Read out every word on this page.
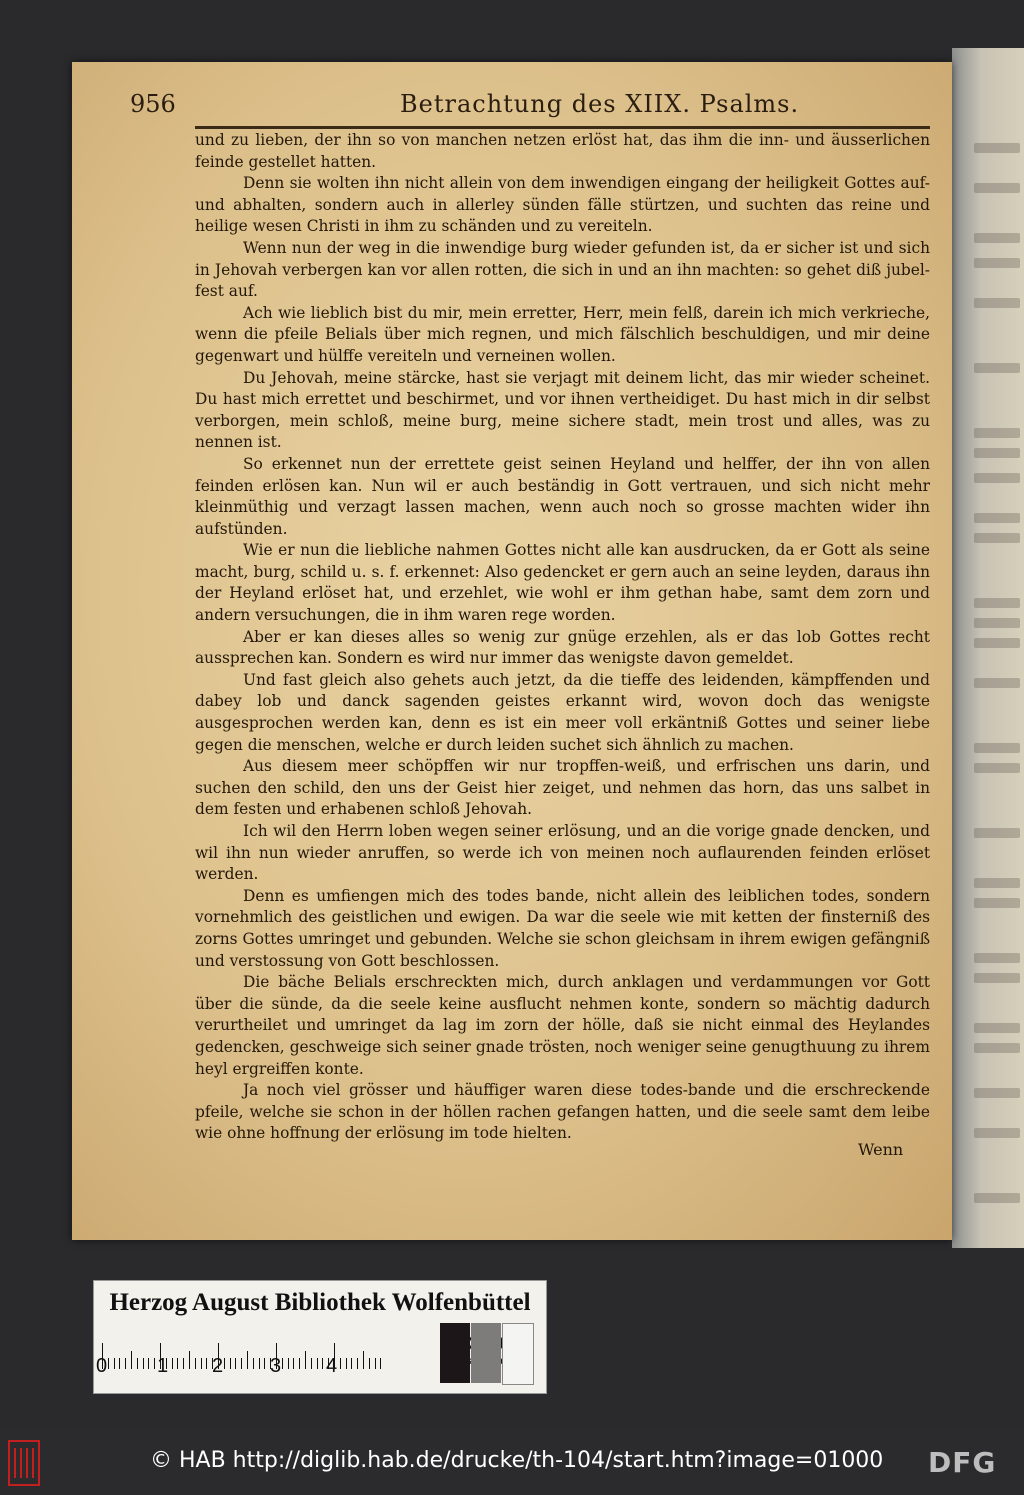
956	Betrachtung des XIIX. Psalms.

und zu lieben, der ihn so von manchen netzen erlöst hat, das ihm die inn- und äusserlichen feinde gestellet hatten.

Denn sie wolten ihn nicht allein von dem inwendigen eingang der heiligkeit Gottes auf- und abhalten, sondern auch in allerley sünden fälle stürtzen, und suchten das reine und heilige wesen Christi in ihm zu schänden und zu vereiteln.

Wenn nun der weg in die inwendige burg wieder gefunden ist, da er sicher ist und sich in Jehovah verbergen kan vor allen rotten, die sich in und an ihn machten: so gehet diß jubel-fest auf.

Ach wie lieblich bist du mir, mein erretter, Herr, mein felß, darein ich mich verkrieche, wenn die pfeile Belials über mich regnen, und mich fälschlich beschuldigen, und mir deine gegenwart und hülffe vereiteln und verneinen wollen.

Du Jehovah, meine stärcke, hast sie verjagt mit deinem licht, das mir wieder scheinet. Du hast mich errettet und beschirmet, und vor ihnen vertheidiget. Du hast mich in dir selbst verborgen, mein schloß, meine burg, meine sichere stadt, mein trost und alles, was zu nennen ist.

So erkennet nun der errettete geist seinen Heyland und helffer, der ihn von allen feinden erlösen kan. Nun wil er auch beständig in Gott vertrauen, und sich nicht mehr kleinmüthig und verzagt lassen machen, wenn auch noch so grosse machten wider ihn aufstünden.

Wie er nun die liebliche nahmen Gottes nicht alle kan ausdrucken, da er Gott als seine macht, burg, schild u. s. f. erkennet: Also gedencket er gern auch an seine leyden, daraus ihn der Heyland erlöset hat, und erzehlet, wie wohl er ihm gethan habe, samt dem zorn und andern versuchungen, die in ihm waren rege worden.

Aber er kan dieses alles so wenig zur gnüge erzehlen, als er das lob Gottes recht aussprechen kan. Sondern es wird nur immer das wenigste davon gemeldet.

Und fast gleich also gehets auch jetzt, da die tieffe des leidenden, kämpffenden und dabey lob und danck sagenden geistes erkannt wird, wovon doch das wenigste ausgesprochen werden kan, denn es ist ein meer voll erkäntniß Gottes und seiner liebe gegen die menschen, welche er durch leiden suchet sich ähnlich zu machen.

Aus diesem meer schöpffen wir nur tropffen-weiß, und erfrischen uns darin, und suchen den schild, den uns der Geist hier zeiget, und nehmen das horn, das uns salbet in dem festen und erhabenen schloß Jehovah.

Ich wil den Herrn loben wegen seiner erlösung, und an die vorige gnade dencken, und wil ihn nun wieder anruffen, so werde ich von meinen noch auflaurenden feinden erlöset werden.

Denn es umfiengen mich des todes bande, nicht allein des leiblichen todes, sondern vornehmlich des geistlichen und ewigen. Da war die seele wie mit ketten der finsterniß des zorns Gottes umringet und gebunden. Welche sie schon gleichsam in ihrem ewigen gefängniß und verstossung von Gott beschlossen.

Die bäche Belials erschreckten mich, durch anklagen und verdammungen vor Gott über die sünde, da die seele keine ausflucht nehmen konte, sondern so mächtig dadurch verurtheilet und umringet da lag im zorn der hölle, daß sie nicht einmal des Heylandes gedencken, geschweige sich seiner gnade trösten, noch weniger seine genugthuung zu ihrem heyl ergreiffen konte.

Ja noch viel grösser und häuffiger waren diese todes-bande und die erschreckende pfeile, welche sie schon in der höllen rachen gefangen hatten, und die seele samt dem leibe wie ohne hoffnung der erlösung im tode hielten.

Wenn
Herzog August Bibliothek Wolfenbüttel
0 1 2 3 4
© HAB http://diglib.hab.de/drucke/th-104/start.htm?image=01000 DFG
